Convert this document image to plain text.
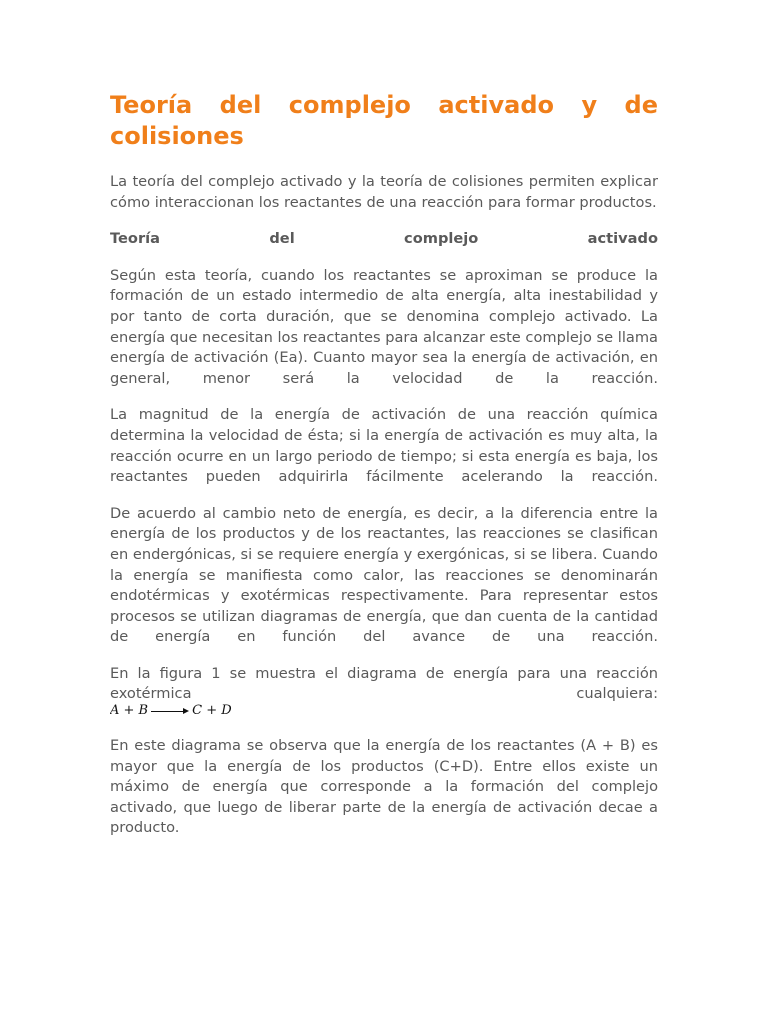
Teoría del complejo activado y de colisiones

La teoría del complejo activado y la teoría de colisiones permiten explicar cómo interaccionan los reactantes de una reacción para formar productos.

Teoría del complejo activado

Según esta teoría, cuando los reactantes se aproximan se produce la formación de un estado intermedio de alta energía, alta inestabilidad y por tanto de corta duración, que se denomina complejo activado. La energía que necesitan los reactantes para alcanzar este complejo se llama energía de activación (Ea). Cuanto mayor sea la energía de activación, en general, menor será la velocidad de la reacción.

La magnitud de la energía de activación de una reacción química determina la velocidad de ésta; si la energía de activación es muy alta, la reacción ocurre en un largo periodo de tiempo; si esta energía es baja, los reactantes pueden adquirirla fácilmente acelerando la reacción.

De acuerdo al cambio neto de energía, es decir, a la diferencia entre la energía de los productos y de los reactantes, las reacciones se clasifican en endergónicas, si se requiere energía y exergónicas, si se libera. Cuando la energía se manifiesta como calor, las reacciones se denominarán endotérmicas y exotérmicas respectivamente. Para representar estos procesos se utilizan diagramas de energía, que dan cuenta de la cantidad de energía en función del avance de una reacción.

En la figura 1 se muestra el diagrama de energía para una reacción exotérmica cualquiera:

A + B	C + D

En este diagrama se observa que la energía de los reactantes (A + B) es mayor que la energía de los productos (C+D). Entre ellos existe un máximo de energía que corresponde a la formación del complejo activado, que luego de liberar parte de la energía de activación decae a producto.
